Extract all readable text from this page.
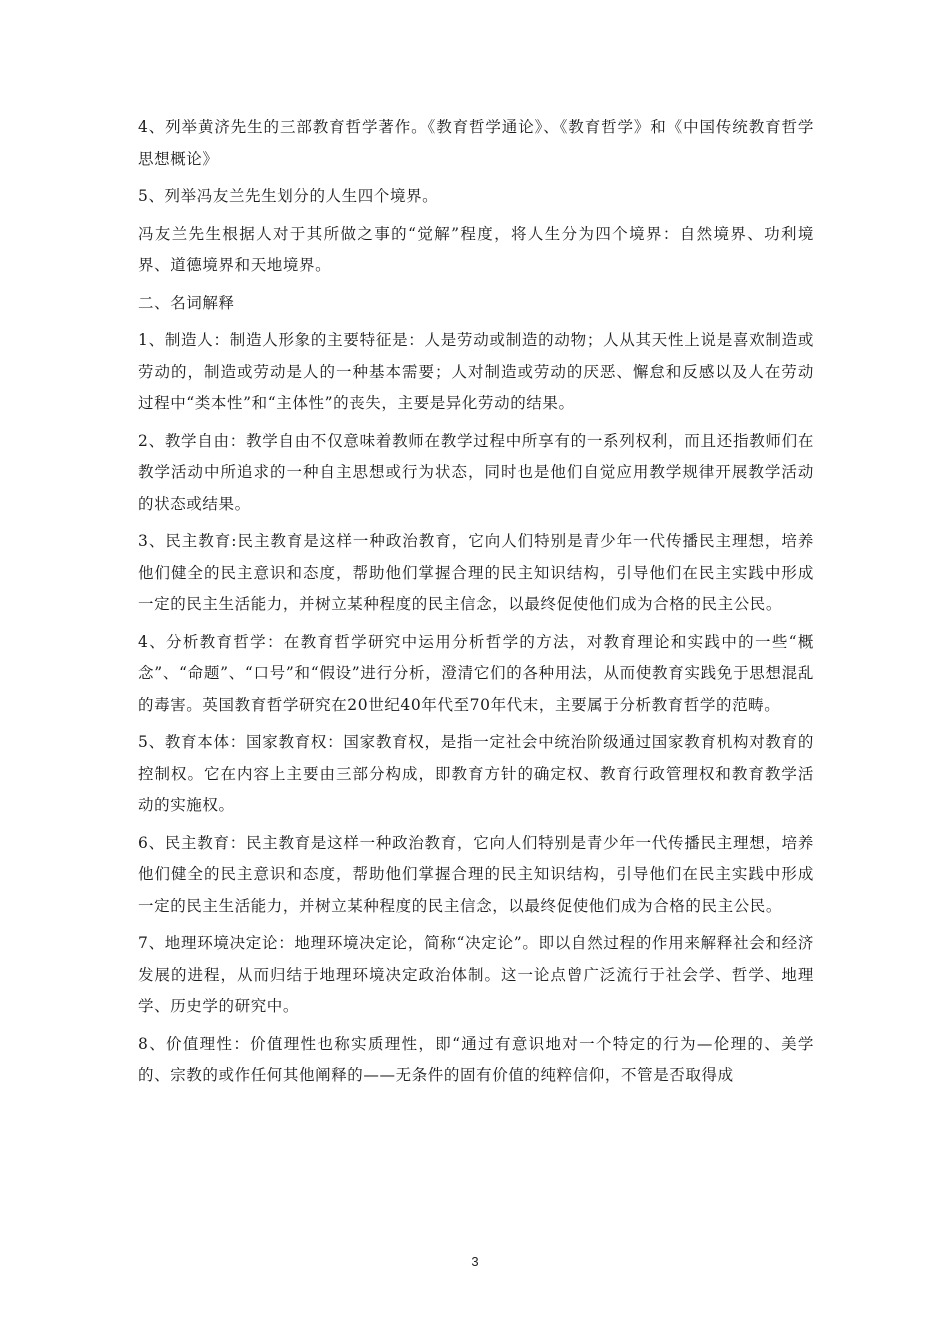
4、列举黄济先生的三部教育哲学著作。《教育哲学通论》、《教育哲学》和《中国传统教育哲学思想概论》

5、列举冯友兰先生划分的人生四个境界。

冯友兰先生根据人对于其所做之事的“觉解”程度，将人生分为四个境界：自然境界、功利境界、道德境界和天地境界。

二、名词解释

1、制造人：制造人形象的主要特征是：人是劳动或制造的动物；人从其天性上说是喜欢制造或劳动的，制造或劳动是人的一种基本需要；人对制造或劳动的厌恶、懈怠和反感以及人在劳动过程中“类本性”和“主体性”的丧失，主要是异化劳动的结果。

2、教学自由：教学自由不仅意味着教师在教学过程中所享有的一系列权利，而且还指教师们在教学活动中所追求的一种自主思想或行为状态，同时也是他们自觉应用教学规律开展教学活动的状态或结果。

3、民主教育:民主教育是这样一种政治教育，它向人们特别是青少年一代传播民主理想，培养他们健全的民主意识和态度，帮助他们掌握合理的民主知识结构，引导他们在民主实践中形成一定的民主生活能力，并树立某种程度的民主信念，以最终促使他们成为合格的民主公民。

4、分析教育哲学：在教育哲学研究中运用分析哲学的方法，对教育理论和实践中的一些“概念”、“命题”、“口号”和“假设”进行分析，澄清它们的各种用法，从而使教育实践免于思想混乱的毒害。英国教育哲学研究在20世纪40年代至70年代末，主要属于分析教育哲学的范畴。

5、教育本体：国家教育权：国家教育权，是指一定社会中统治阶级通过国家教育机构对教育的控制权。它在内容上主要由三部分构成，即教育方针的确定权、教育行政管理权和教育教学活动的实施权。

6、民主教育：民主教育是这样一种政治教育，它向人们特别是青少年一代传播民主理想，培养他们健全的民主意识和态度，帮助他们掌握合理的民主知识结构，引导他们在民主实践中形成一定的民主生活能力，并树立某种程度的民主信念，以最终促使他们成为合格的民主公民。

7、地理环境决定论：地理环境决定论，简称“决定论”。即以自然过程的作用来解释社会和经济发展的进程，从而归结于地理环境决定政治体制。这一论点曾广泛流行于社会学、哲学、地理学、历史学的研究中。

8、价值理性：价值理性也称实质理性，即“通过有意识地对一个特定的行为—伦理的、美学的、宗教的或作任何其他阐释的——无条件的固有价值的纯粹信仰，不管是否取得成

3
